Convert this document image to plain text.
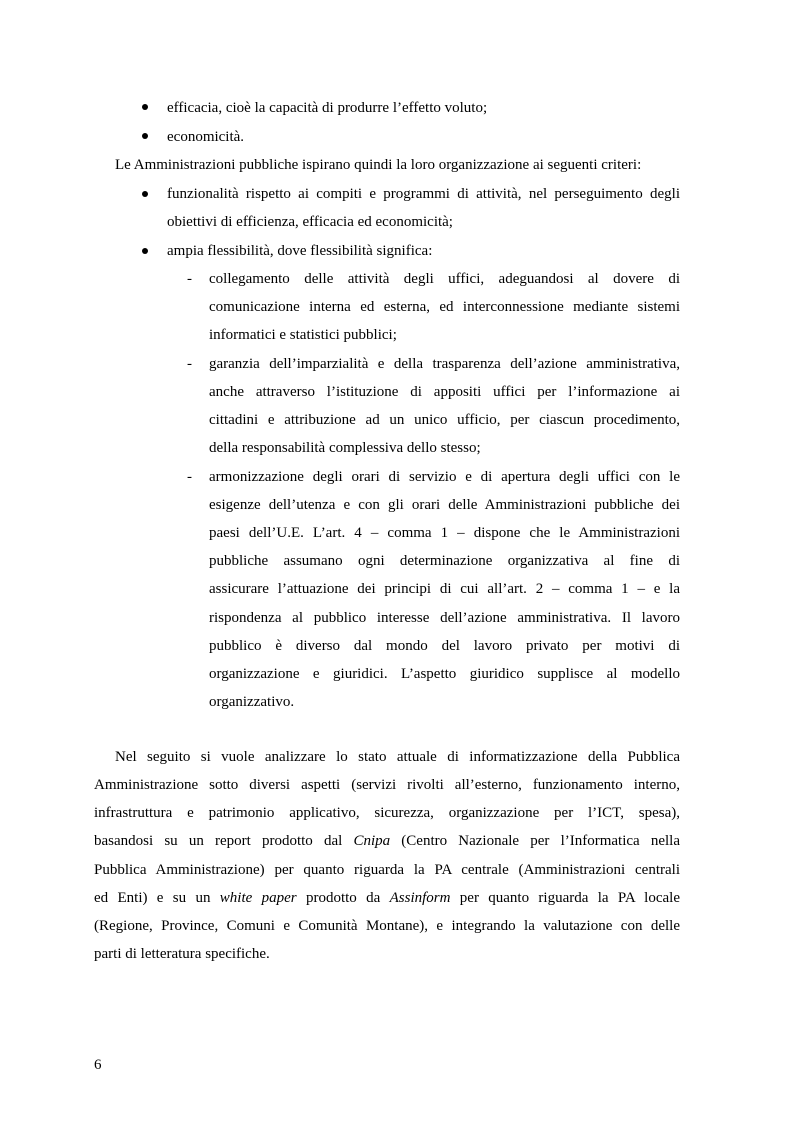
efficacia, cioè la capacità di produrre l’effetto voluto;
economicità.
Le Amministrazioni pubbliche ispirano quindi la loro organizzazione ai seguenti criteri:
funzionalità rispetto ai compiti e programmi di attività, nel perseguimento degli
obiettivi di efficienza, efficacia ed economicità;
ampia flessibilità, dove flessibilità significa:
- collegamento delle attività degli uffici, adeguandosi al dovere di
comunicazione interna ed esterna, ed interconnessione mediante sistemi
informatici e statistici pubblici;
- garanzia dell’imparzialità e della trasparenza dell’azione amministrativa,
anche attraverso l’istituzione di appositi uffici per l’informazione ai
cittadini e attribuzione ad un unico ufficio, per ciascun procedimento,
della responsabilità complessiva dello stesso;
- armonizzazione degli orari di servizio e di apertura degli uffici con le
esigenze dell’utenza e con gli orari delle Amministrazioni pubbliche dei
paesi dell’U.E. L’art. 4 – comma 1 – dispone che le Amministrazioni
pubbliche assumano ogni determinazione organizzativa al fine di
assicurare l’attuazione dei principi di cui all’art. 2 – comma 1 – e la
rispondenza al pubblico interesse dell’azione amministrativa. Il lavoro
pubblico è diverso dal mondo del lavoro privato per motivi di
organizzazione e giuridici. L’aspetto giuridico supplisce al modello
organizzativo.
Nel seguito si vuole analizzare lo stato attuale di informatizzazione della Pubblica
Amministrazione sotto diversi aspetti (servizi rivolti all’esterno, funzionamento interno,
infrastruttura e patrimonio applicativo, sicurezza, organizzazione per l’ICT, spesa),
basandosi su un report prodotto dal Cnipa (Centro Nazionale per l’Informatica nella
Pubblica Amministrazione) per quanto riguarda la PA centrale (Amministrazioni centrali
ed Enti) e su un white paper prodotto da Assinform per quanto riguarda la PA locale
(Regione, Province, Comuni e Comunità Montane), e integrando la valutazione con delle
parti di letteratura specifiche.
6
